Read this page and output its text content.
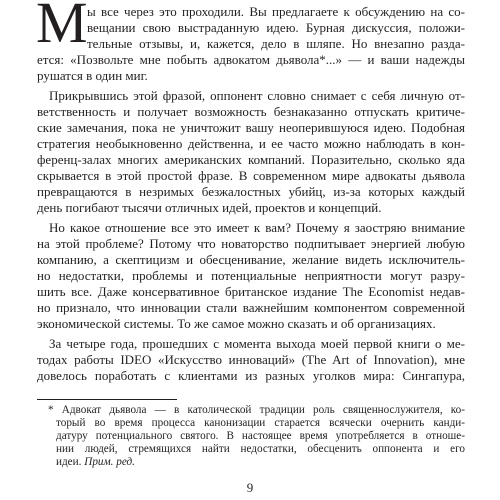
М ы все через это проходили. Вы предлагаете к обсуждению на со-
вещании свою выстраданную идею. Бурная дискуссия, положи-
тельные отзывы, и, кажется, дело в шляпе. Но внезапно разда-
ется: «Позвольте мне побыть адвокатом дьявола*...» — и ваши надежды
рушатся в один миг.
Прикрывшись этой фразой, оппонент словно снимает с себя личную от-
ветственность и получает возможность безнаказанно отпускать критиче-
ские замечания, пока не уничтожит вашу неоперившуюся идею. Подобная
стратегия необыкновенно действенна, и ее часто можно наблюдать в кон-
ференц-залах многих американских компаний. Поразительно, сколько яда
скрывается в этой простой фразе. В современном мире адвокаты дьявола
превращаются в незримых безжалостных убийц, из-за которых каждый
день погибают тысячи отличных идей, проектов и концепций.
Но какое отношение все это имеет к вам? Почему я заостряю внимание
на этой проблеме? Потому что новаторство подпитывает энергией любую
компанию, а скептицизм и обесценивание, желание видеть исключитель-
но недостатки, проблемы и потенциальные неприятности могут разру-
шить все. Даже консервативное британское издание The Economist недав-
но признало, что инновации стали важнейшим компонентом современной
экономической системы. То же самое можно сказать и об организациях.
За четыре года, прошедших с момента выхода моей первой книги о ме-
тодах работы IDEO «Искусство инноваций» (The Art of Innovation), мне
довелось поработать с клиентами из разных уголков мира: Сингапура,
* Адвокат дьявола — в католической традиции роль священнослужителя, ко-
торый во время процесса канонизации старается всячески очернить канди-
датуру потенциального святого. В настоящее время употребляется в отноше-
нии людей, стремящихся найти недостатки, обесценить оппонента и его
идеи. Прим. ред.
9
